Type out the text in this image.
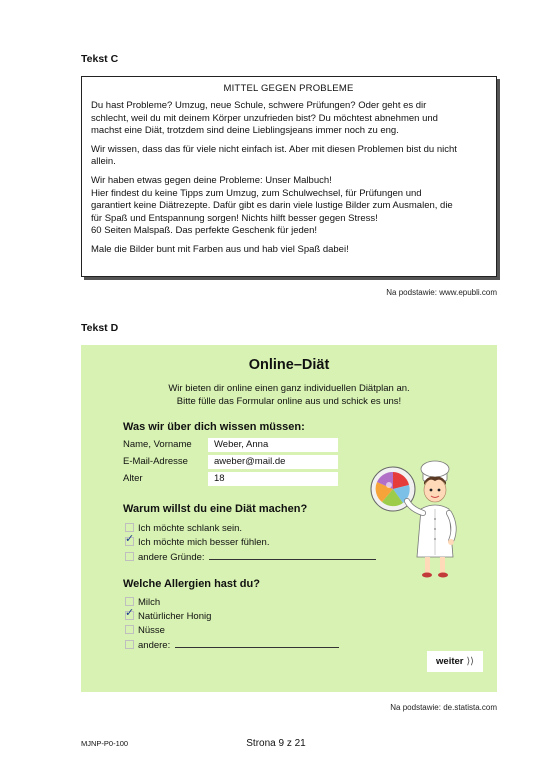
Tekst C
MITTEL GEGEN PROBLEME

Du hast Probleme? Umzug, neue Schule, schwere Prüfungen? Oder geht es dir
schlecht, weil du mit deinem Körper unzufrieden bist? Du möchtest abnehmen und
machst eine Diät, trotzdem sind deine Lieblingsjeans immer noch zu eng.

Wir wissen, dass das für viele nicht einfach ist. Aber mit diesen Problemen bist du nicht
allein.

Wir haben etwas gegen deine Probleme: Unser Malbuch!
Hier findest du keine Tipps zum Umzug, zum Schulwechsel, für Prüfungen und
garantiert keine Diätrezepte. Dafür gibt es darin viele lustige Bilder zum Ausmalen, die
für Spaß und Entspannung sorgen! Nichts hilft besser gegen Stress!
60 Seiten Malspaß. Das perfekte Geschenk für jeden!

Male die Bilder bunt mit Farben aus und hab viel Spaß dabei!

Na podstawie: www.epubli.com
Tekst D
Online–Diät
Wir bieten dir online einen ganz individuellen Diätplan an.
Bitte fülle das Formular online aus und schick es uns!
Was wir über dich wissen müssen:
Name, Vorname	Weber, Anna
E-Mail-Adresse	aweber@mail.de
Alter	18
Warum willst du eine Diät machen?
Ich möchte schlank sein.
✓ Ich möchte mich besser fühlen.
andere Gründe:
Welche Allergien hast du?
Milch
✓ Natürlicher Honig
Nüsse
andere:
weiter ⟩⟩
Na podstawie: de.statista.com
MJNP-P0-100	Strona 9 z 21
